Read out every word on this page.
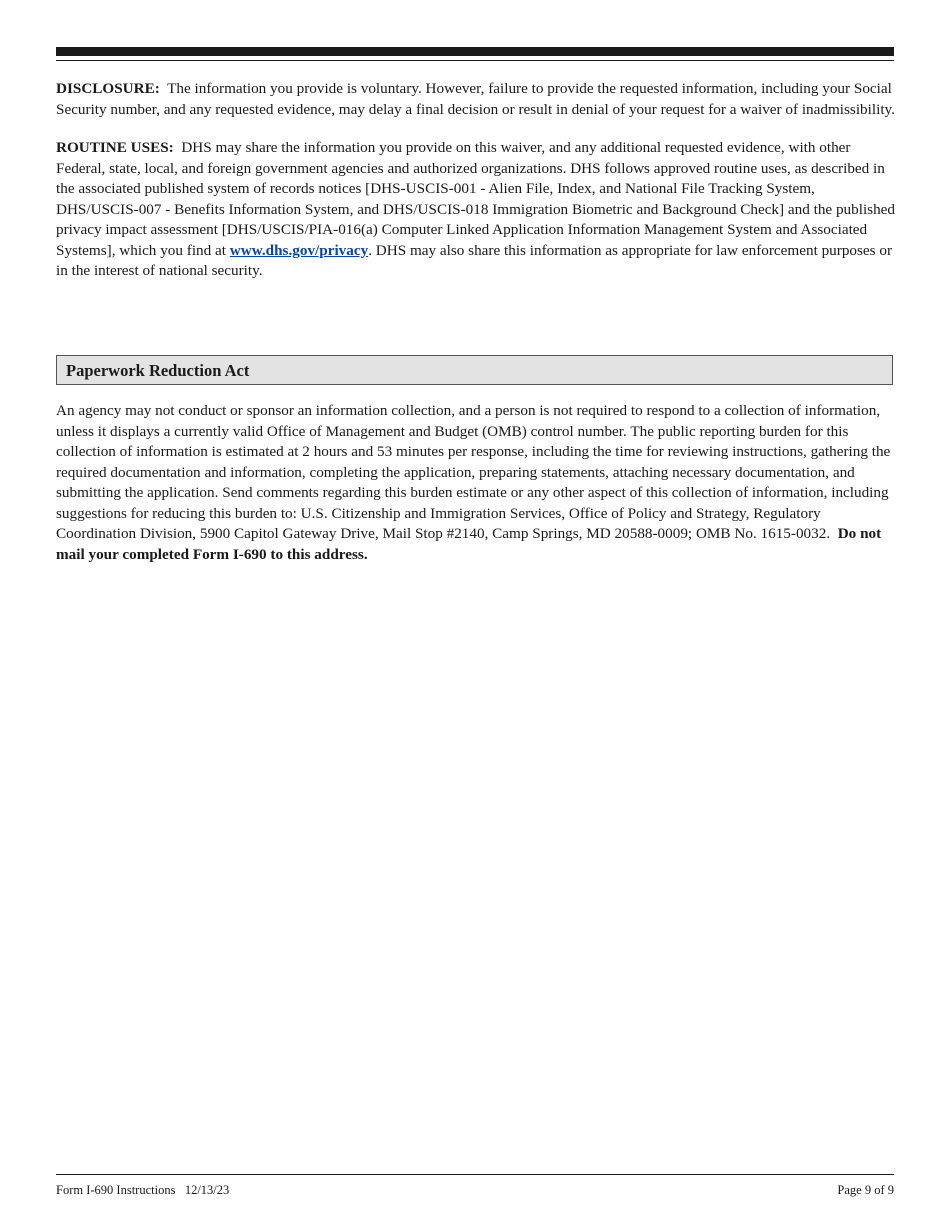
DISCLOSURE: The information you provide is voluntary. However, failure to provide the requested information, including your Social Security number, and any requested evidence, may delay a final decision or result in denial of your request for a waiver of inadmissibility.

ROUTINE USES: DHS may share the information you provide on this waiver, and any additional requested evidence, with other Federal, state, local, and foreign government agencies and authorized organizations. DHS follows approved routine uses, as described in the associated published system of records notices [DHS-USCIS-001 - Alien File, Index, and National File Tracking System, DHS/USCIS-007 - Benefits Information System, and DHS/USCIS-018 Immigration Biometric and Background Check] and the published privacy impact assessment [DHS/USCIS/PIA-016(a) Computer Linked Application Information Management System and Associated Systems], which you find at www.dhs.gov/privacy. DHS may also share this information as appropriate for law enforcement purposes or in the interest of national security.

Paperwork Reduction Act

An agency may not conduct or sponsor an information collection, and a person is not required to respond to a collection of information, unless it displays a currently valid Office of Management and Budget (OMB) control number. The public reporting burden for this collection of information is estimated at 2 hours and 53 minutes per response, including the time for reviewing instructions, gathering the required documentation and information, completing the application, preparing statements, attaching necessary documentation, and submitting the application. Send comments regarding this burden estimate or any other aspect of this collection of information, including suggestions for reducing this burden to: U.S. Citizenship and Immigration Services, Office of Policy and Strategy, Regulatory Coordination Division, 5900 Capitol Gateway Drive, Mail Stop #2140, Camp Springs, MD 20588-0009; OMB No. 1615-0032. Do not mail your completed Form I-690 to this address.

Form I-690 Instructions 12/13/23	Page 9 of 9
